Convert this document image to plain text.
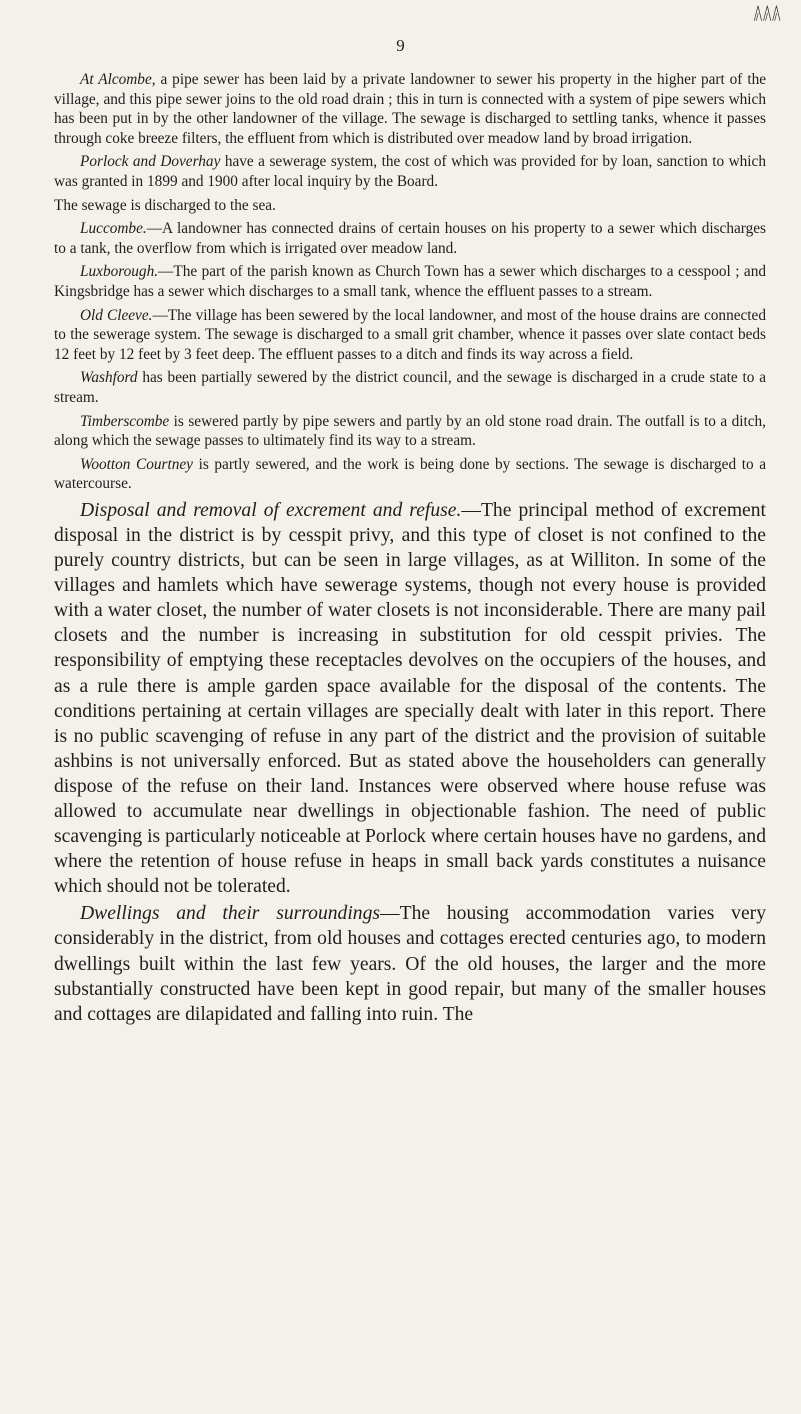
ᚣᚣᚣ
9

At Alcombe, a pipe sewer has been laid by a private landowner to sewer his property in the higher part of the village, and this pipe sewer joins to the old road drain ; this in turn is connected with a system of pipe sewers which has been put in by the other landowner of the village. The sewage is discharged to settling tanks, whence it passes through coke breeze filters, the effluent from which is distributed over meadow land by broad irrigation.

Porlock and Doverhay have a sewerage system, the cost of which was provided for by loan, sanction to which was granted in 1899 and 1900 after local inquiry by the Board.

The sewage is discharged to the sea.

Luccombe.—A landowner has connected drains of certain houses on his property to a sewer which discharges to a tank, the overflow from which is irrigated over meadow land.

Luxborough.—The part of the parish known as Church Town has a sewer which discharges to a cesspool ; and Kingsbridge has a sewer which discharges to a small tank, whence the effluent passes to a stream.

Old Cleeve.—The village has been sewered by the local landowner, and most of the house drains are connected to the sewerage system. The sewage is discharged to a small grit chamber, whence it passes over slate contact beds 12 feet by 12 feet by 3 feet deep. The effluent passes to a ditch and finds its way across a field.

Washford has been partially sewered by the district council, and the sewage is discharged in a crude state to a stream.

Timberscombe is sewered partly by pipe sewers and partly by an old stone road drain. The outfall is to a ditch, along which the sewage passes to ultimately find its way to a stream.

Wootton Courtney is partly sewered, and the work is being done by sections. The sewage is discharged to a watercourse.

Disposal and removal of excrement and refuse.—The principal method of excrement disposal in the district is by cesspit privy, and this type of closet is not confined to the purely country districts, but can be seen in large villages, as at Williton. In some of the villages and hamlets which have sewerage systems, though not every house is provided with a water closet, the number of water closets is not inconsiderable. There are many pail closets and the number is increasing in substitution for old cesspit privies. The responsibility of emptying these receptacles devolves on the occupiers of the houses, and as a rule there is ample garden space available for the disposal of the contents. The conditions pertaining at certain villages are specially dealt with later in this report. There is no public scavenging of refuse in any part of the district and the provision of suitable ashbins is not universally enforced. But as stated above the householders can generally dispose of the refuse on their land. Instances were observed where house refuse was allowed to accumulate near dwellings in objectionable fashion. The need of public scavenging is particularly noticeable at Porlock where certain houses have no gardens, and where the retention of house refuse in heaps in small back yards constitutes a nuisance which should not be tolerated.

Dwellings and their surroundings—The housing accommodation varies very considerably in the district, from old houses and cottages erected centuries ago, to modern dwellings built within the last few years. Of the old houses, the larger and the more substantially constructed have been kept in good repair, but many of the smaller houses and cottages are dilapidated and falling into ruin. The
